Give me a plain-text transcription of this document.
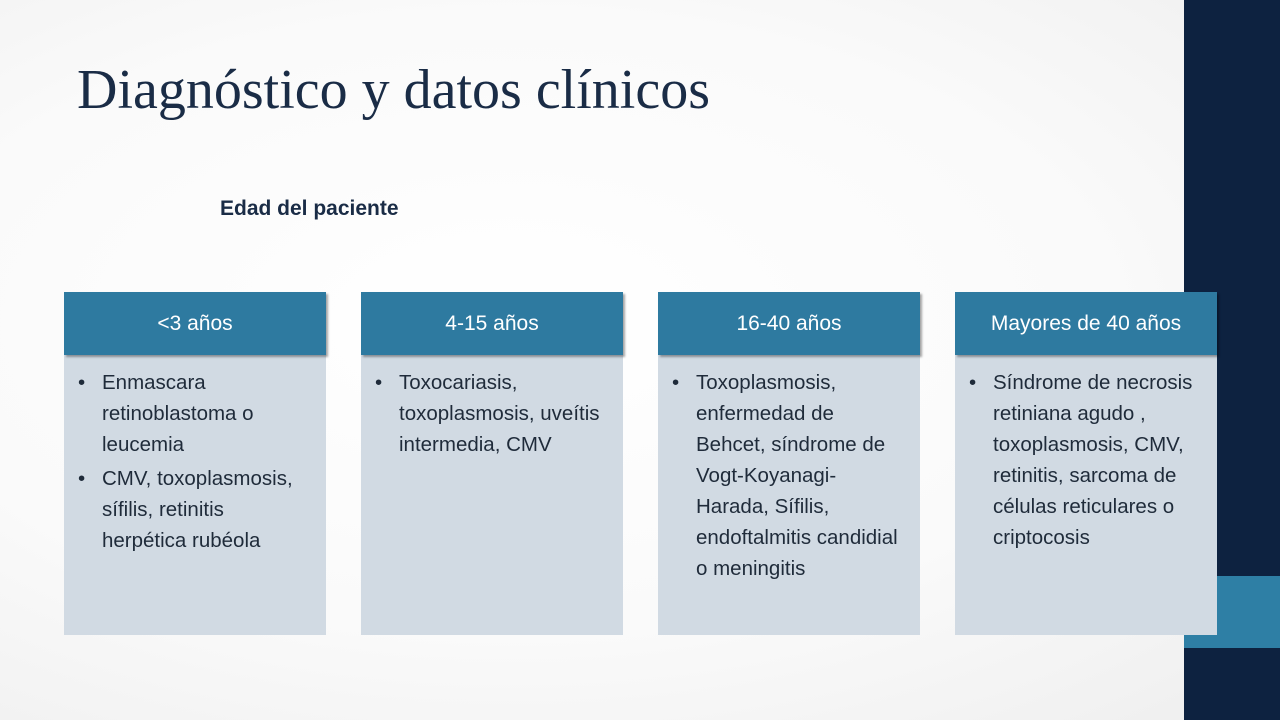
Diagnóstico y datos clínicos

Edad del paciente

<3 años
• Enmascara retinoblastoma o leucemia
• CMV, toxoplasmosis, sífilis, retinitis herpética rubéola
4-15 años
• Toxocariasis, toxoplasmosis, uveítis intermedia, CMV
16-40 años
• Toxoplasmosis, enfermedad de Behcet, síndrome de Vogt-Koyanagi-Harada, Sífilis, endoftalmitis candidial o meningitis
Mayores de 40 años
• Síndrome de necrosis retiniana agudo , toxoplasmosis, CMV, retinitis, sarcoma de células reticulares o criptocosis
